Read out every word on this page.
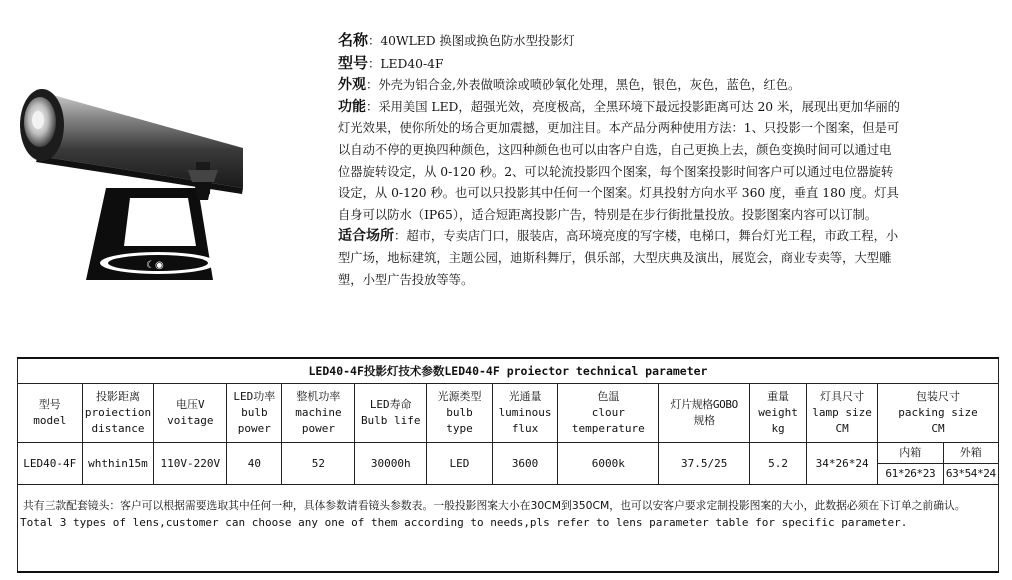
☾◉

名称：40WLED 换图或换色防水型投影灯

型号：LED40-4F

外观：外壳为铝合金,外表做喷涂或喷砂氧化处理，黑色，银色，灰色，蓝色，红色。

功能：采用美国 LED，超强光效，亮度极高，全黑环境下最远投影距离可达 20 米，展现出更加华丽的灯光效果，使你所处的场合更加震撼，更加注目。本产品分两种使用方法：1、只投影一个图案，但是可以自动不停的更换四种颜色，这四种颜色也可以由客户自选，自己更换上去，颜色变换时间可以通过电位器旋转设定，从 0-120 秒。2、可以轮流投影四个图案，每个图案投影时间客户可以通过电位器旋转设定，从 0-120 秒。也可以只投影其中任何一个图案。灯具投射方向水平 360 度，垂直 180 度。灯具自身可以防水（IP65），适合短距离投影广告，特别是在步行街批量投放。投影图案内容可以订制。

适合场所：超市，专卖店门口，服装店，高环境亮度的写字楼，电梯口，舞台灯光工程，市政工程，小型广场，地标建筑，主题公园，迪斯科舞厅，俱乐部，大型庆典及演出，展览会，商业专卖等，大型雕塑，小型广告投放等等。

LED40-4F投影灯技术参数LED40-4F proiector technical parameter													
型号
model	投影距离
proiection
distance	电压V
voitage	LED功率
bulb
power	整机功率
machine
power	LED寿命
Bulb life	光源类型
bulb
type	光通量
luminous
flux	色温
clour
temperature	灯片规格GOBO
规格	重量
weight
kg	灯具尺寸
lamp size
CM	包装尺寸
packing size
CM	
LED40-4F	whthin15m	110V-220V	40	52	30000h	LED	3600	6000k	37.5/25	5.2	34*26*24	内箱	外箱
												61*26*23	63*54*24

共有三款配套镜头：客户可以根据需要选取其中任何一种，具体参数请看镜头参数表。一般投影图案大小在30CM到350CM，也可以安客户要求定制投影图案的大小，此数据必须在下订单之前确认。
Total 3 types of lens,customer can choose any one of them according to needs,pls refer to lens parameter table for specific parameter.													
